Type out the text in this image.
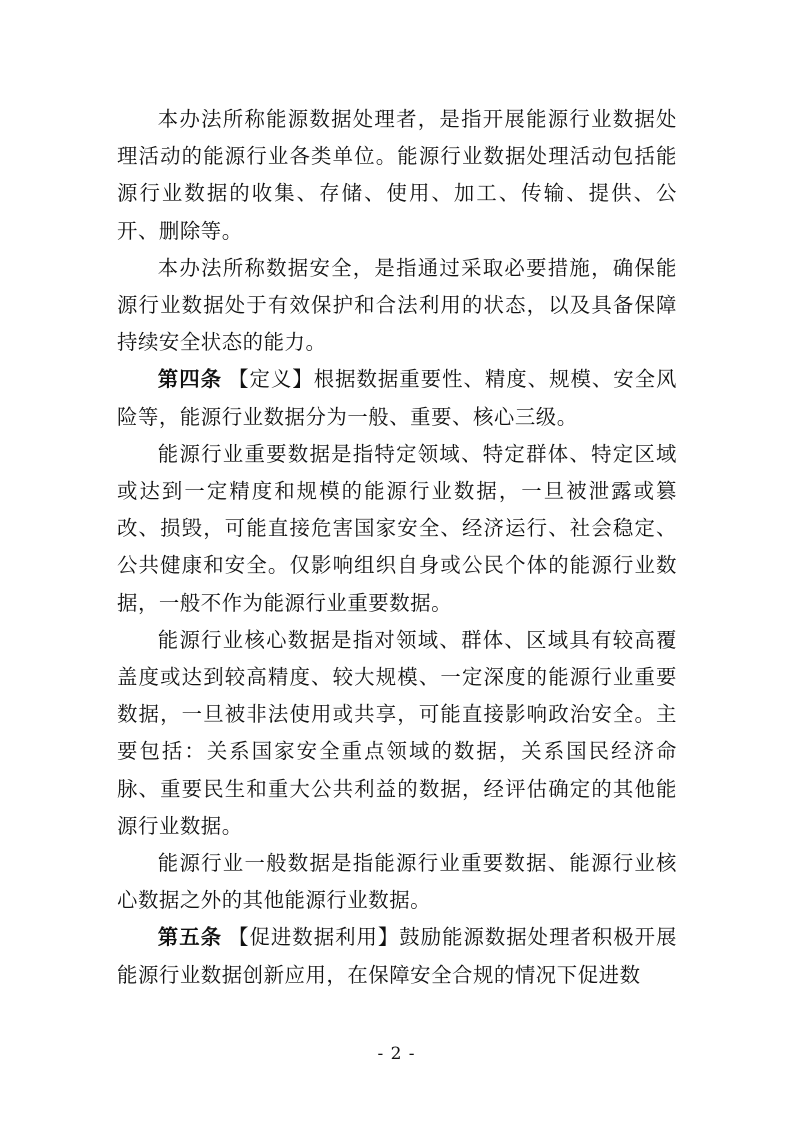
本办法所称能源数据处理者，是指开展能源行业数据处理活动的能源行业各类单位。能源行业数据处理活动包括能源行业数据的收集、存储、使用、加工、传输、提供、公开、删除等。

本办法所称数据安全，是指通过采取必要措施，确保能源行业数据处于有效保护和合法利用的状态，以及具备保障持续安全状态的能力。

第四条  【定义】根据数据重要性、精度、规模、安全风险等，能源行业数据分为一般、重要、核心三级。

能源行业重要数据是指特定领域、特定群体、特定区域或达到一定精度和规模的能源行业数据，一旦被泄露或篡改、损毁，可能直接危害国家安全、经济运行、社会稳定、公共健康和安全。仅影响组织自身或公民个体的能源行业数据，一般不作为能源行业重要数据。

能源行业核心数据是指对领域、群体、区域具有较高覆盖度或达到较高精度、较大规模、一定深度的能源行业重要数据，一旦被非法使用或共享，可能直接影响政治安全。主要包括：关系国家安全重点领域的数据，关系国民经济命脉、重要民生和重大公共利益的数据，经评估确定的其他能源行业数据。

能源行业一般数据是指能源行业重要数据、能源行业核心数据之外的其他能源行业数据。

第五条  【促进数据利用】鼓励能源数据处理者积极开展能源行业数据创新应用，在保障安全合规的情况下促进数

- 2 -
